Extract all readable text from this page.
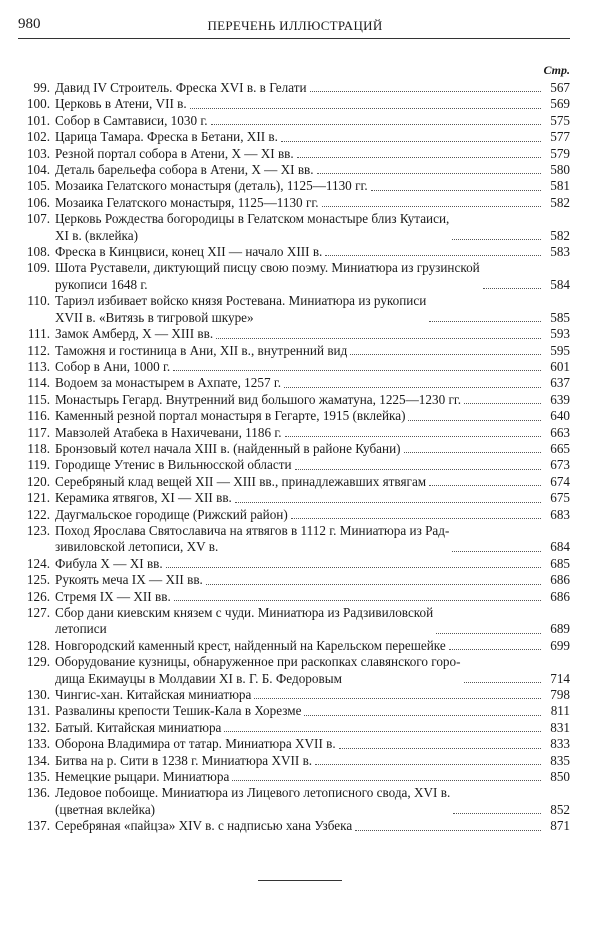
980	ПЕРЕЧЕНЬ ИЛЛЮСТРАЦИЙ
Стр.
99. Давид IV Строитель. Фреска XVI в. в Гелати	567
100. Церковь в Атени, VII в.	569
101. Собор в Самтависи, 1030 г.	575
102. Царица Тамара. Фреска в Бетани, XII в.	577
103. Резной портал собора в Атени, X — XI вв.	579
104. Деталь барельефа собора в Атени, X — XI вв.	580
105. Мозаика Гелатского монастыря (деталь), 1125—1130 гг.	581
106. Мозаика Гелатского монастыря, 1125—1130 гг.	582
107. Церковь Рождества богородицы в Гелатском монастыре близ Кутаиси,
XI в. (вклейка)	582
108. Фреска в Кинцвиси, конец XII — начало XIII в.	583
109. Шота Руставели, диктующий писцу свою поэму. Миниатюра из грузинской
рукописи 1648 г.	584
110. Тариэл избивает войско князя Ростевана. Миниатюра из рукописи
XVII в. «Витязь в тигровой шкуре»	585
111. Замок Амберд, X — XIII вв.	593
112. Таможня и гостиница в Ани, XII в., внутренний вид	595
113. Собор в Ани, 1000 г.	601
114. Водоем за монастырем в Ахпате, 1257 г.	637
115. Монастырь Гегард. Внутренний вид большого жаматуна, 1225—1230 гг.	639
116. Каменный резной портал монастыря в Гегарте, 1915 (вклейка)	640
117. Мавзолей Атабека в Нахичевани, 1186 г.	663
118. Бронзовый котел начала XIII в. (найденный в районе Кубани)	665
119. Городище Утенис в Вильнюсской области	673
120. Серебряный клад вещей XII — XIII вв., принадлежавших ятвягам	674
121. Керамика ятвягов, XI — XII вв.	675
122. Даугмальское городище (Рижский район)	683
123. Поход Ярослава Святославича на ятвягов в 1112 г. Миниатюра из Рад-
зивиловской летописи, XV в.	684
124. Фибула X — XI вв.	685
125. Рукоять меча IX — XII вв.	686
126. Стремя IX — XII вв.	686
127. Сбор дани киевским князем с чуди. Миниатюра из Радзивиловской
летописи	689
128. Новгородский каменный крест, найденный на Карельском перешейке	699
129. Оборудование кузницы, обнаруженное при раскопках славянского горо-
дища Екимауцы в Молдавии XI в. Г. Б. Федоровым	714
130. Чингис-хан. Китайская миниатюра	798
131. Развалины крепости Тешик-Кала в Хорезме	811
132. Батый. Китайская миниатюра	831
133. Оборона Владимира от татар. Миниатюра XVII в.	833
134. Битва на р. Сити в 1238 г. Миниатюра XVII в.	835
135. Немецкие рыцари. Миниатюра	850
136. Ледовое побоище. Миниатюра из Лицевого летописного свода, XVI в.
(цветная вклейка)	852
137. Серебряная «пайцза» XIV в. с надписью хана Узбека	871
